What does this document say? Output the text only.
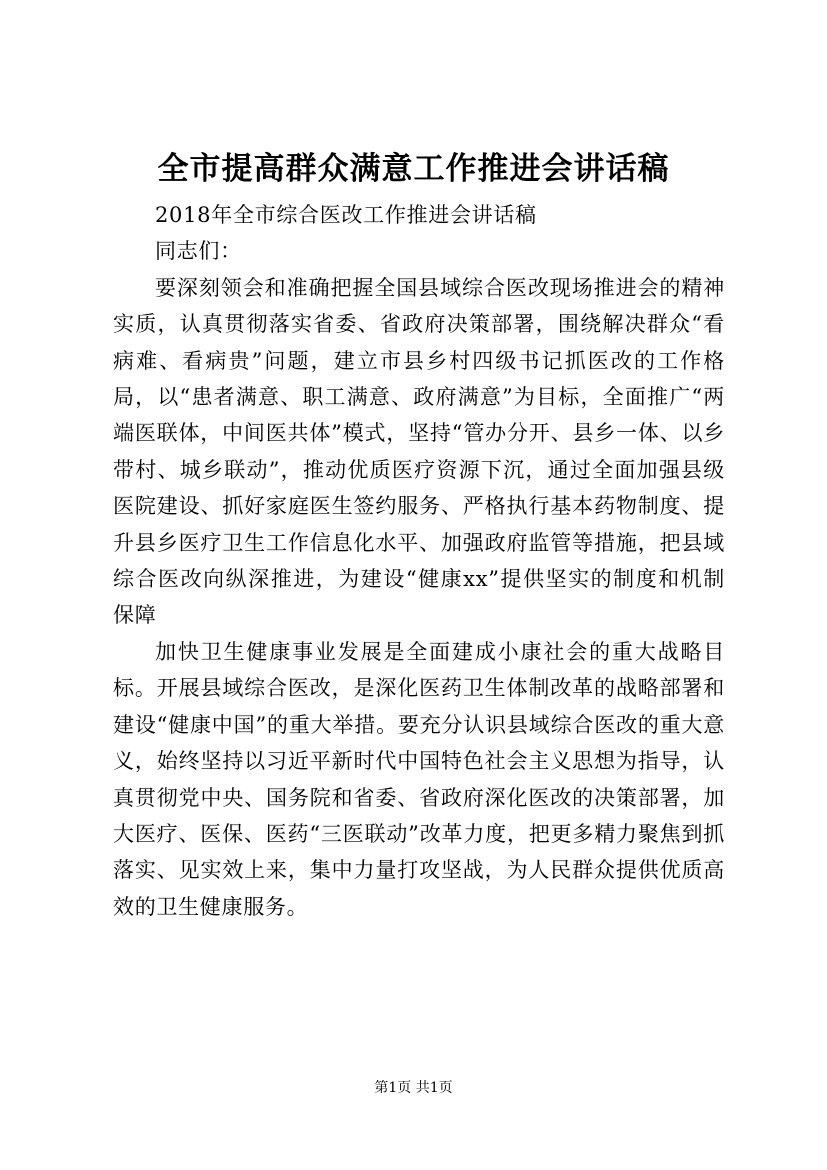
全市提高群众满意工作推进会讲话稿

2018年全市综合医改工作推进会讲话稿

同志们：

要深刻领会和准确把握全国县域综合医改现场推进会的精神实质，认真贯彻落实省委、省政府决策部署，围绕解决群众“看病难、看病贵”问题，建立市县乡村四级书记抓医改的工作格局，以“患者满意、职工满意、政府满意”为目标，全面推广“两端医联体，中间医共体”模式，坚持“管办分开、县乡一体、以乡带村、城乡联动”，推动优质医疗资源下沉，通过全面加强县级医院建设、抓好家庭医生签约服务、严格执行基本药物制度、提升县乡医疗卫生工作信息化水平、加强政府监管等措施，把县域综合医改向纵深推进，为建设“健康xx”提供坚实的制度和机制保障

加快卫生健康事业发展是全面建成小康社会的重大战略目标。开展县域综合医改，是深化医药卫生体制改革的战略部署和建设“健康中国”的重大举措。要充分认识县域综合医改的重大意义，始终坚持以习近平新时代中国特色社会主义思想为指导，认真贯彻党中央、国务院和省委、省政府深化医改的决策部署，加大医疗、医保、医药“三医联动”改革力度，把更多精力聚焦到抓落实、见实效上来，集中力量打攻坚战，为人民群众提供优质高效的卫生健康服务。

第1页 共1页
